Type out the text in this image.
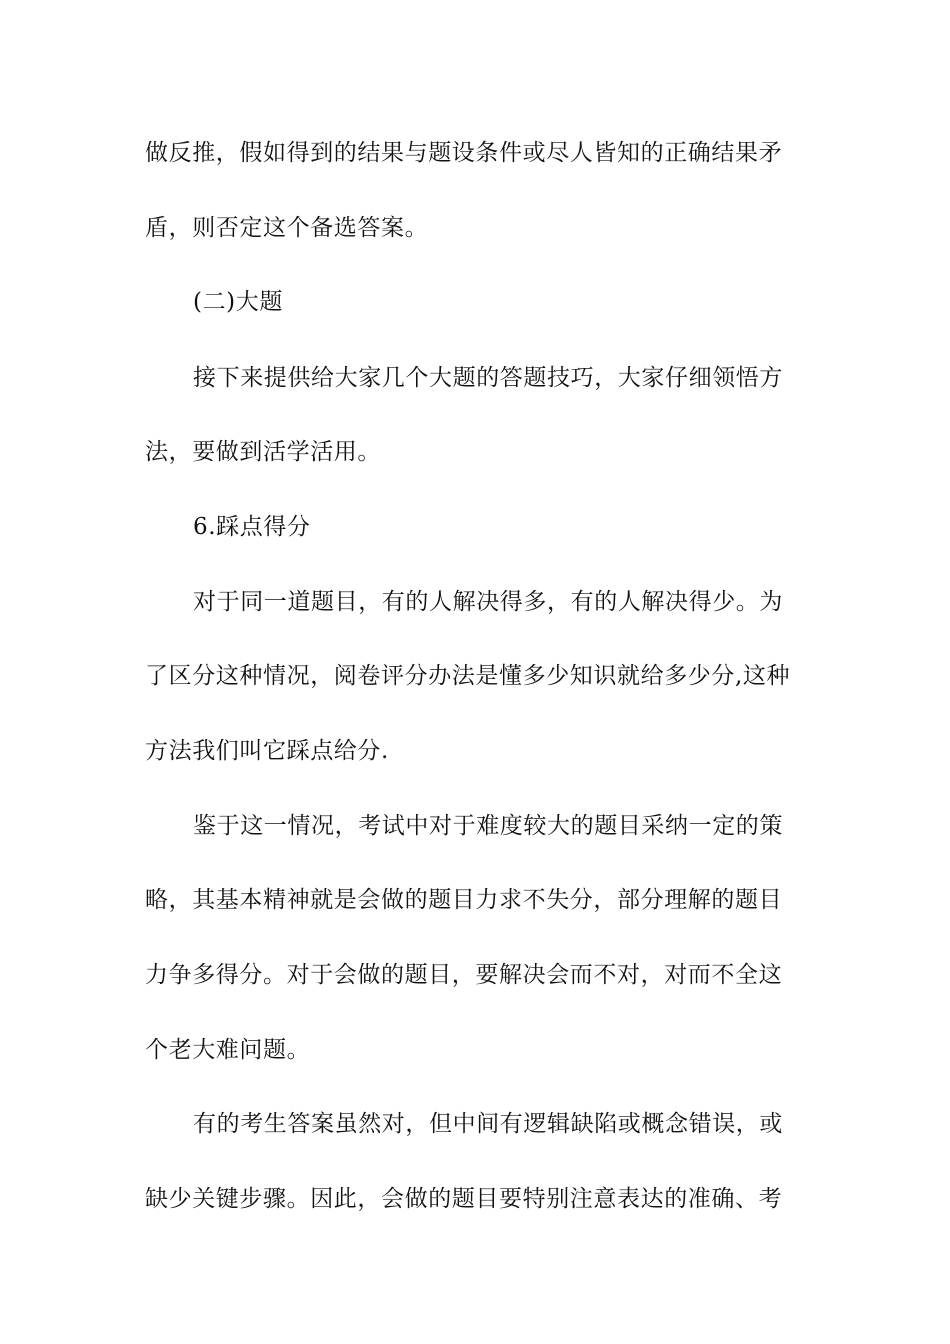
做反推，假如得到的结果与题设条件或尽人皆知的正确结果矛
盾，则否定这个备选答案。
(二)大题
接下来提供给大家几个大题的答题技巧，大家仔细领悟方
法，要做到活学活用。
6.踩点得分
对于同一道题目，有的人解决得多，有的人解决得少。为
了区分这种情况，阅卷评分办法是懂多少知识就给多少分,这种
方法我们叫它踩点给分.
鉴于这一情况，考试中对于难度较大的题目采纳一定的策
略，其基本精神就是会做的题目力求不失分，部分理解的题目
力争多得分。对于会做的题目，要解决会而不对，对而不全这
个老大难问题。
有的考生答案虽然对，但中间有逻辑缺陷或概念错误，或
缺少关键步骤。因此，会做的题目要特别注意表达的准确、考
